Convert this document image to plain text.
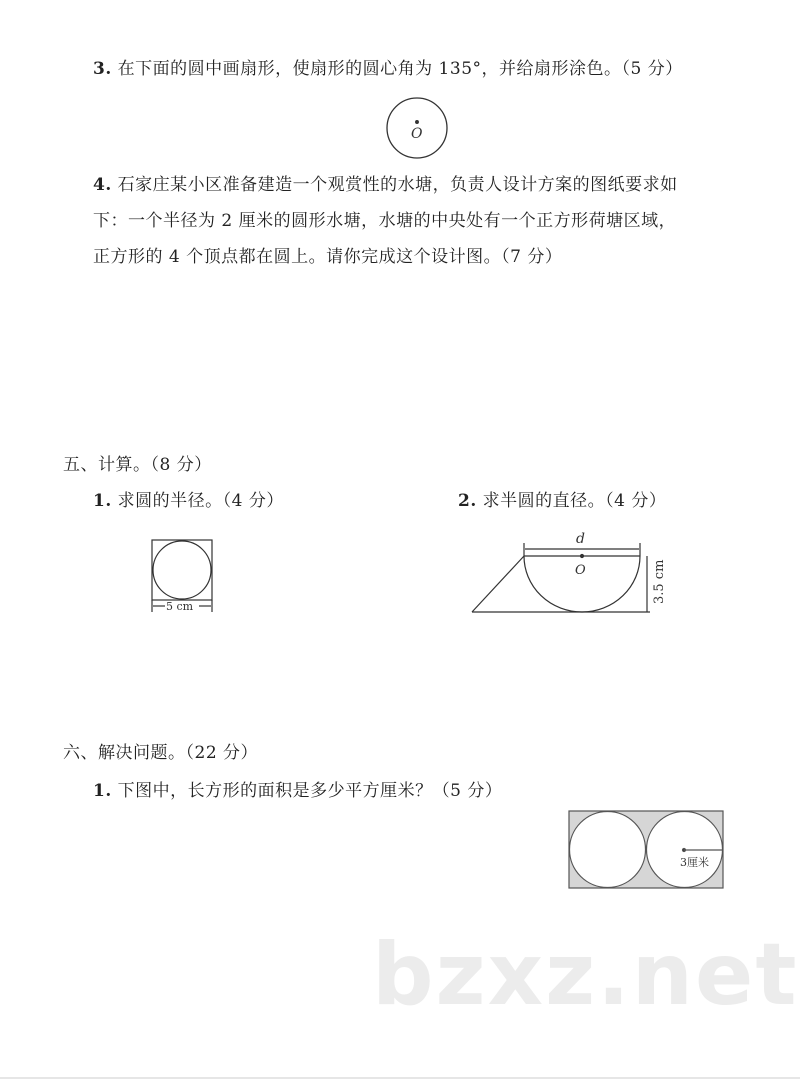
3. 在下面的圆中画扇形，使扇形的圆心角为 135°，并给扇形涂色。（5 分）
4. 石家庄某小区准备建造一个观赏性的水塘，负责人设计方案的图纸要求如
下：一个半径为 2 厘米的圆形水塘，水塘的中央处有一个正方形荷塘区域，
正方形的 4 个顶点都在圆上。请你完成这个设计图。（7 分）
五、计算。（8 分）
1. 求圆的半径。（4 分）	2. 求半圆的直径。（4 分）
六、解决问题。（22 分）
1. 下图中，长方形的面积是多少平方厘米？（5 分）
O
5 cm
d
O	3.5 cm
3厘米
bzxz.net
